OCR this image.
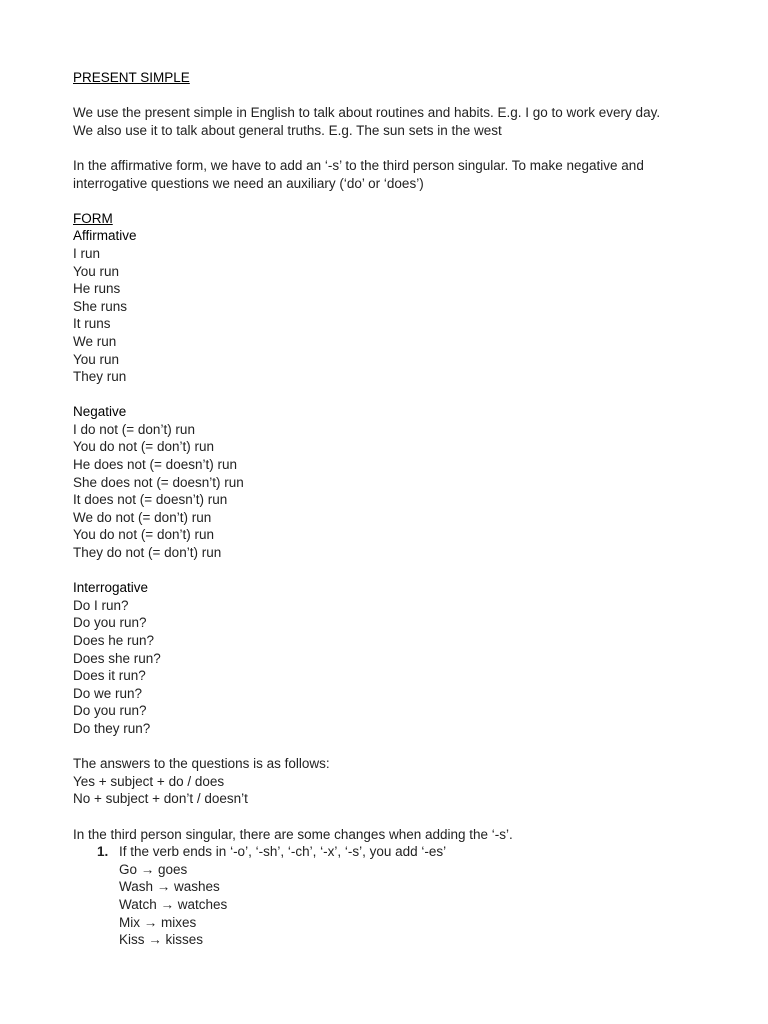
PRESENT SIMPLE
We use the present simple in English to talk about routines and habits. E.g. I go to work every day.
We also use it to talk about general truths. E.g. The sun sets in the west
In the affirmative form, we have to add an ‘-s’ to the third person singular. To make negative and
interrogative questions we need an auxiliary (‘do’ or ‘does’)
FORM
Affirmative
I run
You run
He runs
She runs
It runs
We run
You run
They run
Negative
I do not (= don’t) run
You do not (= don’t) run
He does not (= doesn’t) run
She does not (= doesn’t) run
It does not (= doesn’t) run
We do not (= don’t) run
You do not (= don’t) run
They do not (= don’t) run
Interrogative
Do I run?
Do you run?
Does he run?
Does she run?
Does it run?
Do we run?
Do you run?
Do they run?
The answers to the questions is as follows:
Yes + subject + do / does
No + subject + don’t / doesn’t
In the third person singular, there are some changes when adding the ‘-s’.
1. If the verb ends in ‘-o’, ‘-sh’, ‘-ch’, ‘-x’, ‘-s’, you add ‘-es’
Go → goes
Wash → washes
Watch → watches
Mix → mixes
Kiss → kisses
